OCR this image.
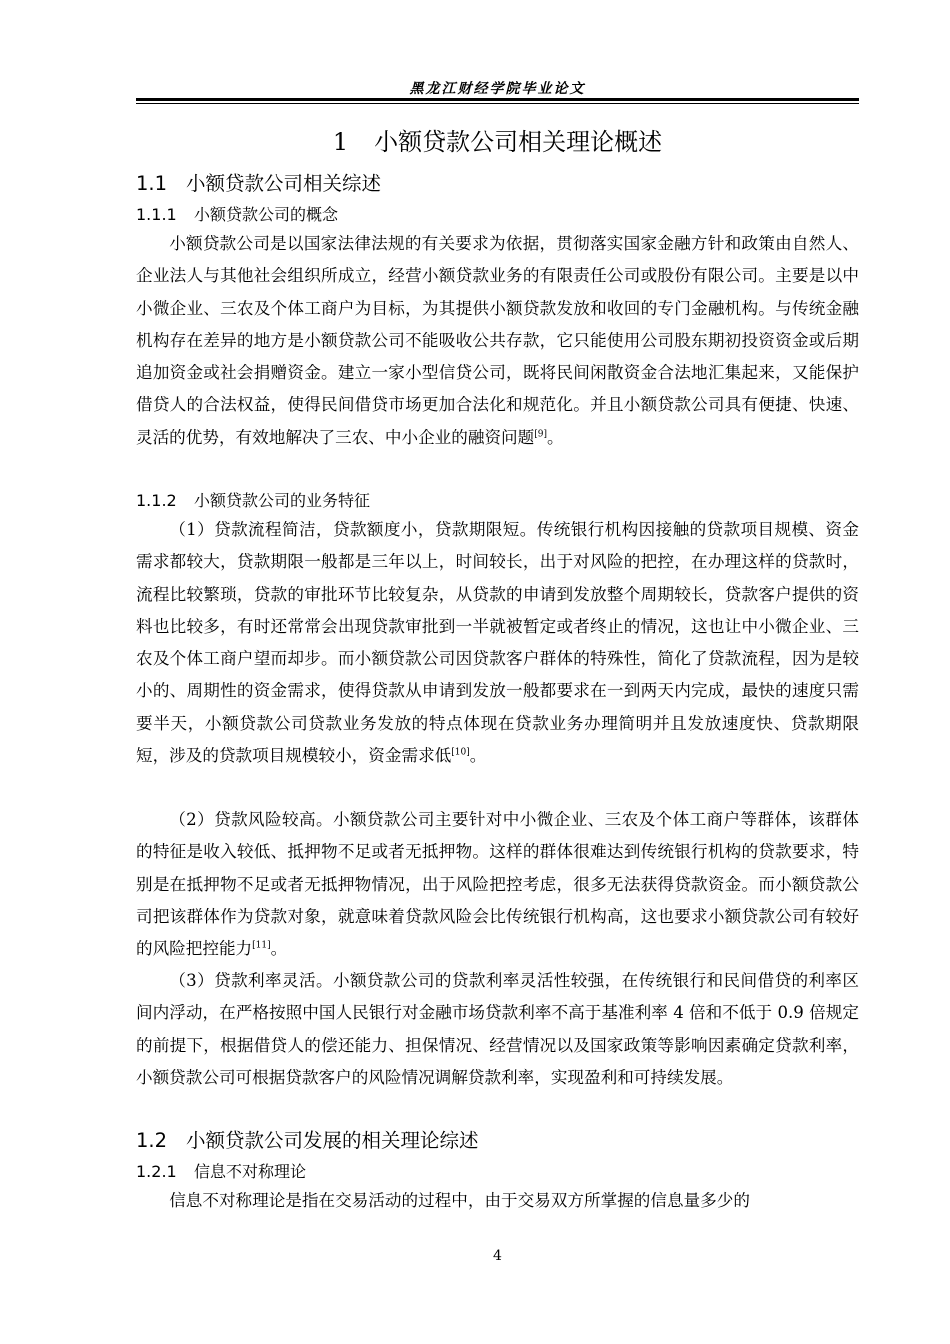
黑龙江财经学院毕业论文
1 小额贷款公司相关理论概述
1.1 小额贷款公司相关综述
1.1.1 小额贷款公司的概念

小额贷款公司是以国家法律法规的有关要求为依据，贯彻落实国家金融方针和政策由自然人、企业法人与其他社会组织所成立，经营小额贷款业务的有限责任公司或股份有限公司。主要是以中小微企业、三农及个体工商户为目标，为其提供小额贷款发放和收回的专门金融机构。与传统金融机构存在差异的地方是小额贷款公司不能吸收公共存款，它只能使用公司股东期初投资资金或后期追加资金或社会捐赠资金。建立一家小型信贷公司，既将民间闲散资金合法地汇集起来，又能保护借贷人的合法权益，使得民间借贷市场更加合法化和规范化。并且小额贷款公司具有便捷、快速、灵活的优势，有效地解决了三农、中小企业的融资问题[9]。

1.1.2 小额贷款公司的业务特征

（1）贷款流程简洁，贷款额度小，贷款期限短。传统银行机构因接触的贷款项目规模、资金需求都较大，贷款期限一般都是三年以上，时间较长，出于对风险的把控，在办理这样的贷款时，流程比较繁琐，贷款的审批环节比较复杂，从贷款的申请到发放整个周期较长，贷款客户提供的资料也比较多，有时还常常会出现贷款审批到一半就被暂定或者终止的情况，这也让中小微企业、三农及个体工商户望而却步。而小额贷款公司因贷款客户群体的特殊性，简化了贷款流程，因为是较小的、周期性的资金需求，使得贷款从申请到发放一般都要求在一到两天内完成，最快的速度只需要半天，小额贷款公司贷款业务发放的特点体现在贷款业务办理简明并且发放速度快、贷款期限短，涉及的贷款项目规模较小，资金需求低[10]。

（2）贷款风险较高。小额贷款公司主要针对中小微企业、三农及个体工商户等群体，该群体的特征是收入较低、抵押物不足或者无抵押物。这样的群体很难达到传统银行机构的贷款要求，特别是在抵押物不足或者无抵押物情况，出于风险把控考虑，很多无法获得贷款资金。而小额贷款公司把该群体作为贷款对象，就意味着贷款风险会比传统银行机构高，这也要求小额贷款公司有较好的风险把控能力[11]。

（3）贷款利率灵活。小额贷款公司的贷款利率灵活性较强，在传统银行和民间借贷的利率区间内浮动，在严格按照中国人民银行对金融市场贷款利率不高于基准利率 4 倍和不低于 0.9 倍规定的前提下，根据借贷人的偿还能力、担保情况、经营情况以及国家政策等影响因素确定贷款利率，小额贷款公司可根据贷款客户的风险情况调解贷款利率，实现盈利和可持续发展。

1.2 小额贷款公司发展的相关理论综述
1.2.1 信息不对称理论

信息不对称理论是指在交易活动的过程中，由于交易双方所掌握的信息量多少的

4
